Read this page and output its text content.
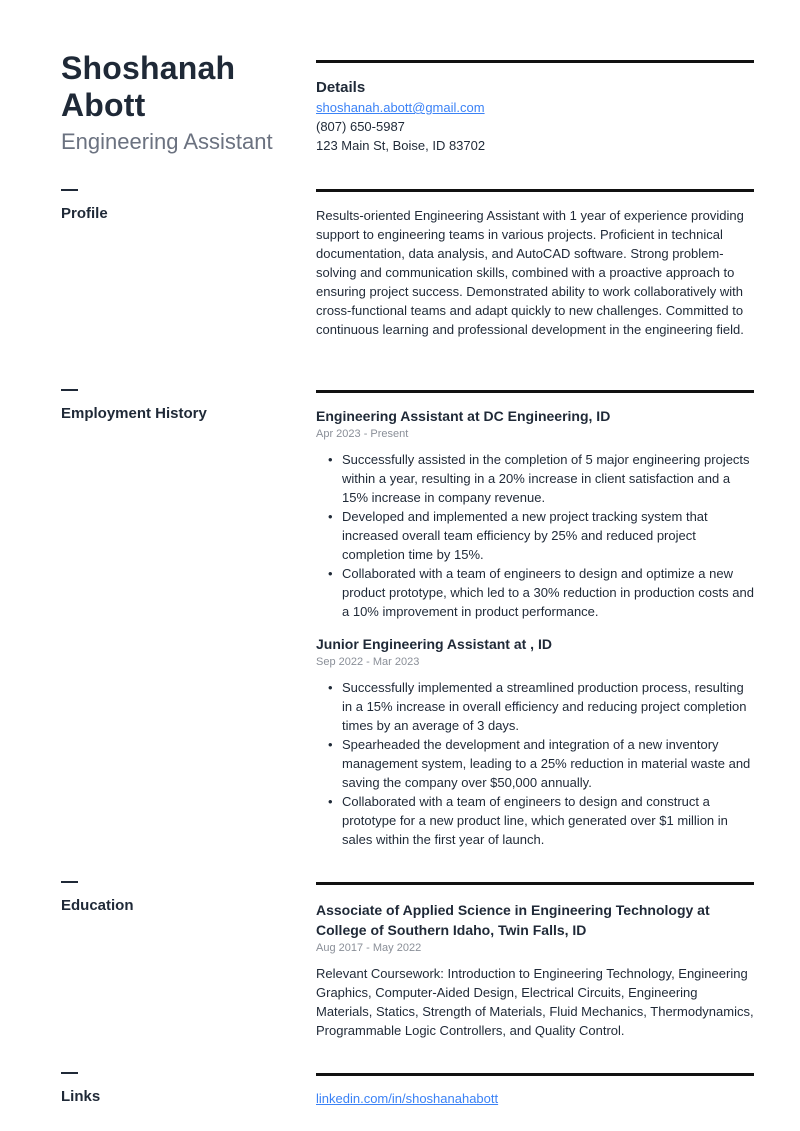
Shoshanah
Abott
Engineering Assistant
Details
shoshanah.abott@gmail.com
(807) 650-5987
123 Main St, Boise, ID 83702
Profile	Results-oriented Engineering Assistant with 1 year of experience providing support to engineering teams in various projects. Proficient in technical documentation, data analysis, and AutoCAD software. Strong problem-solving and communication skills, combined with a proactive approach to ensuring project success. Demonstrated ability to work collaboratively with cross-functional teams and adapt quickly to new challenges. Committed to continuous learning and professional development in the engineering field.
Employment History	Engineering Assistant at DC Engineering, ID
Apr 2023 - Present
• Successfully assisted in the completion of 5 major engineering projects within a year, resulting in a 20% increase in client satisfaction and a 15% increase in company revenue.
• Developed and implemented a new project tracking system that increased overall team efficiency by 25% and reduced project completion time by 15%.
• Collaborated with a team of engineers to design and optimize a new product prototype, which led to a 30% reduction in production costs and a 10% improvement in product performance.
Junior Engineering Assistant at , ID
Sep 2022 - Mar 2023
• Successfully implemented a streamlined production process, resulting in a 15% increase in overall efficiency and reducing project completion times by an average of 3 days.
• Spearheaded the development and integration of a new inventory management system, leading to a 25% reduction in material waste and saving the company over $50,000 annually.
• Collaborated with a team of engineers to design and construct a prototype for a new product line, which generated over $1 million in sales within the first year of launch.
Education	Associate of Applied Science in Engineering Technology at College of Southern Idaho, Twin Falls, ID
Aug 2017 - May 2022
Relevant Coursework: Introduction to Engineering Technology, Engineering Graphics, Computer-Aided Design, Electrical Circuits, Engineering Materials, Statics, Strength of Materials, Fluid Mechanics, Thermodynamics, Programmable Logic Controllers, and Quality Control.
Links	linkedin.com/in/shoshanahabott
